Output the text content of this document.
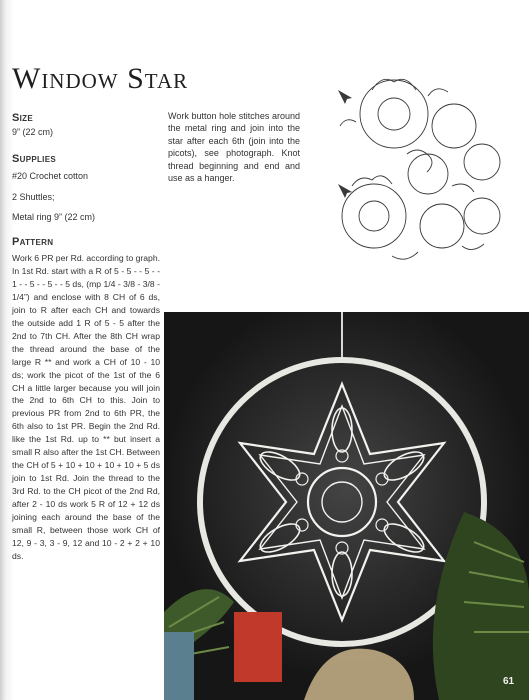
Window Star
Size
9” (22 cm)
Supplies
#20 Crochet cotton
2 Shuttles;
Metal ring 9” (22 cm)
Pattern

Work 6 PR per Rd. according to graph. In 1st Rd. start with a R of 5 - 5 - - 5 - - 1 - - 5 - - 5 - - 5 ds, (mp 1/4 - 3/8 - 3/8 - 1/4”) and enclose with 8 CH of 6 ds, join to R after each CH and towards the outside add 1 R of 5 - 5 after the 2nd to 7th CH. After the 8th CH wrap the thread around the base of the large R ** and work a CH of 10 - 10 ds; work the picot of the 1st of the 6 CH a little larger because you will join the 2nd to 6th CH to this. Join to previous PR from 2nd to 6th PR, the 6th also to 1st PR. Begin the 2nd Rd. like the 1st Rd. up to ** but insert a small R also after the 1st CH. Between the CH of 5 + 10 + 10 + 10 + 10 + 5 ds join to 1st Rd. Join the thread to the 3rd Rd. to the CH picot of the 2nd Rd, after 2 - 10 ds work 5 R of 12 + 12 ds joining each around the base of the small R, between those work CH of 12, 9 - 3, 3 - 9, 12 and 10 - 2 + 2 + 10 ds.

Work button hole stitches around the metal ring and join into the star after each 6th (join into the picots), see photograph. Knot thread beginning and end and use as a hanger.

61
